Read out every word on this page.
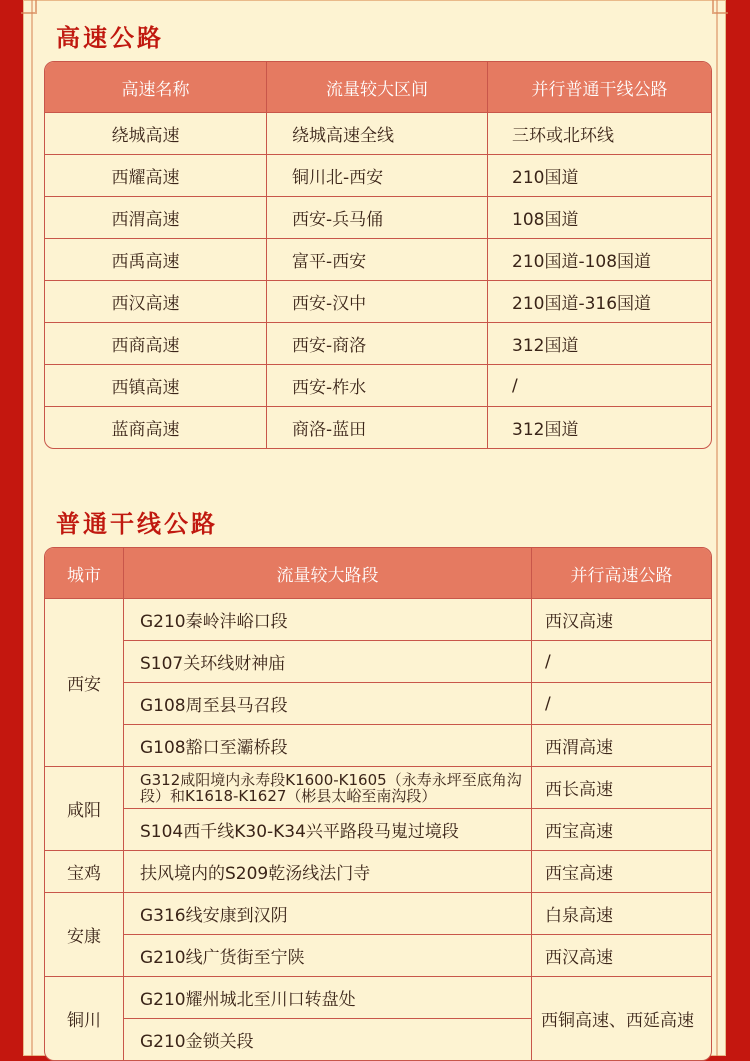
高速公路
高速名称	流量较大区间	并行普通干线公路
绕城高速	绕城高速全线	三环或北环线
西耀高速	铜川北-西安	210国道
西渭高速	西安-兵马俑	108国道
西禹高速	富平-西安	210国道-108国道
西汉高速	西安-汉中	210国道-316国道
西商高速	西安-商洛	312国道
西镇高速	西安-柞水	/
蓝商高速	商洛-蓝田	312国道
普通干线公路
城市	流量较大路段	并行高速公路
西安	G210秦岭沣峪口段	西汉高速
	S107关环线财神庙	/
	G108周至县马召段	/
	G108豁口至灞桥段	西渭高速
咸阳	G312咸阳境内永寿段K1600-K1605（永寿永坪至底角沟段）和K1618-K1627（彬县太峪至南沟段）	西长高速
	S104西千线K30-K34兴平路段马嵬过境段	西宝高速
宝鸡	扶风境内的S209乾汤线法门寺	西宝高速
安康	G316线安康到汉阴	白泉高速
	G210线广货街至宁陕	西汉高速
铜川	G210耀州城北至川口转盘处	西铜高速、西延高速
	G210金锁关段	
